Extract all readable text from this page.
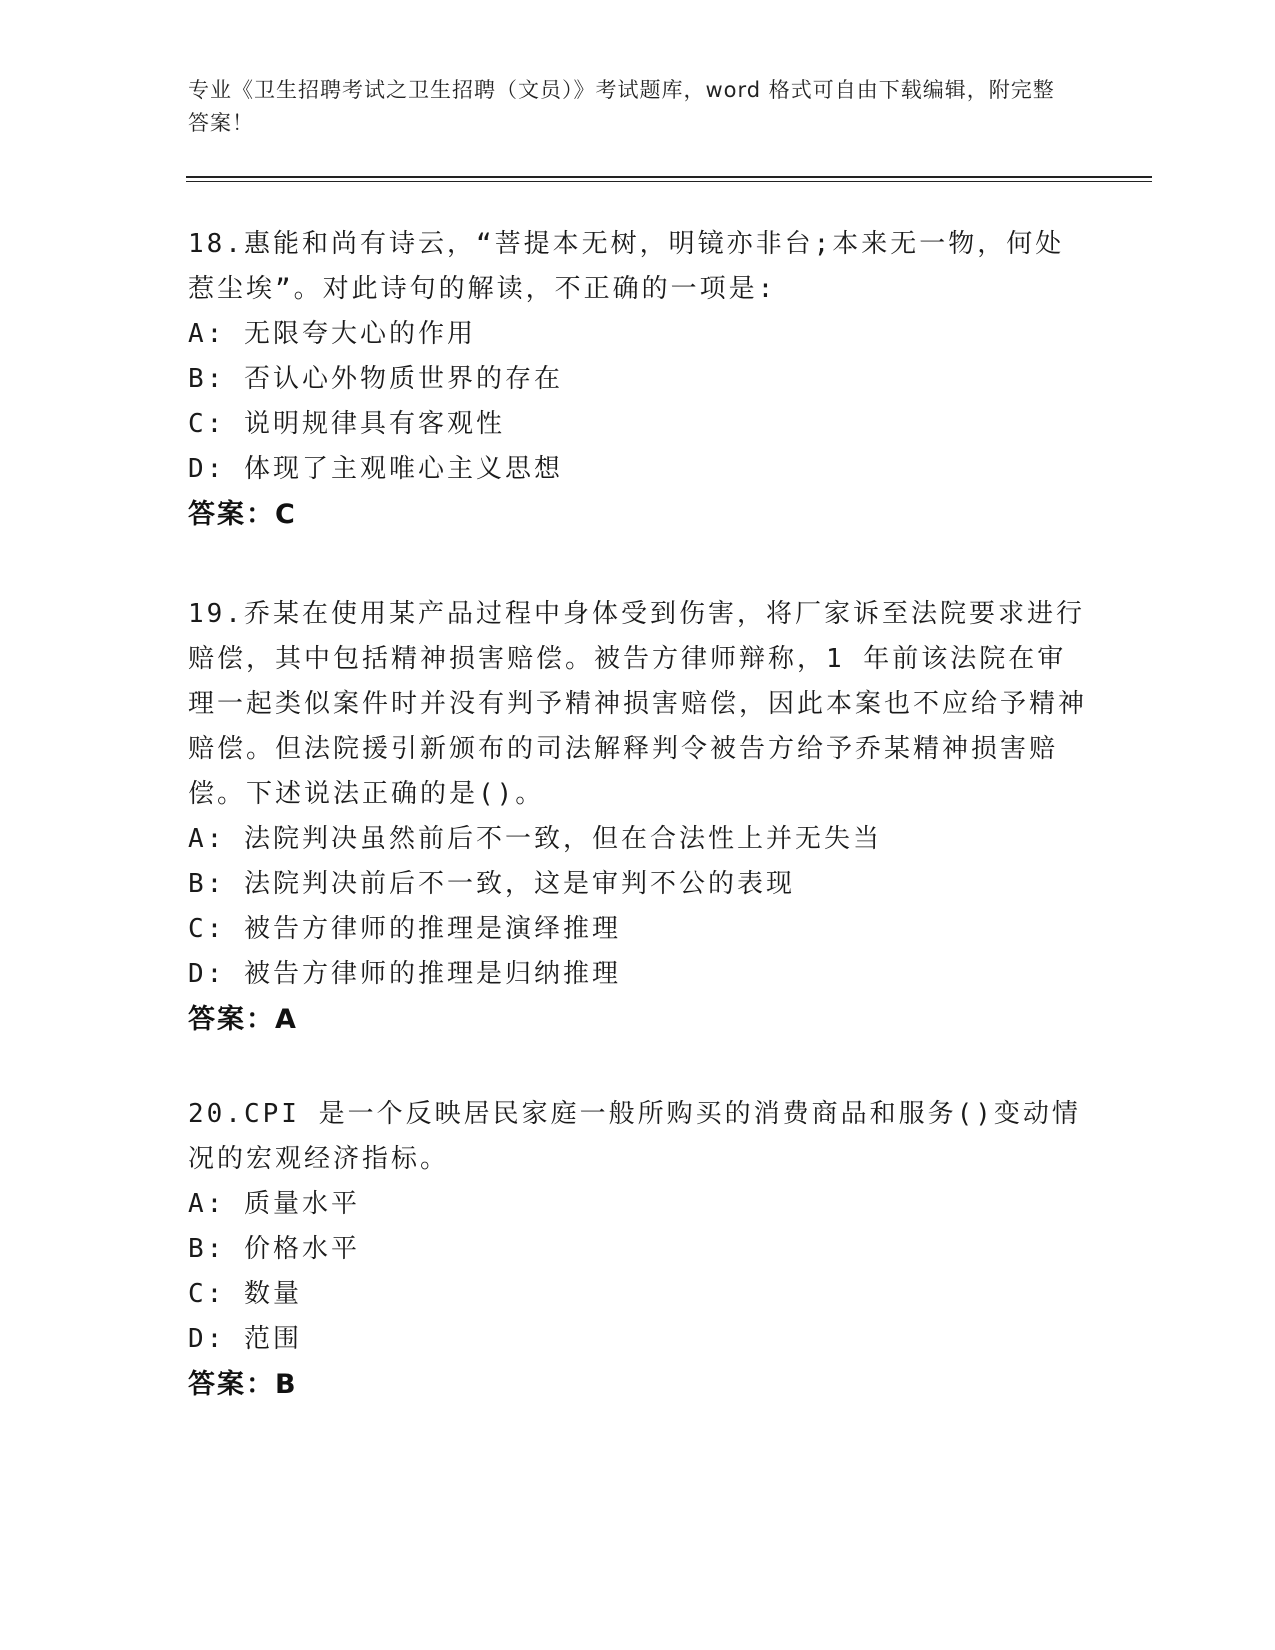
专业《卫生招聘考试之卫生招聘（文员）》考试题库，word 格式可自由下载编辑，附完整答案！
18.惠能和尚有诗云，“菩提本无树，明镜亦非台;本来无一物，何处惹尘埃”。对此诗句的解读，不正确的一项是:
A: 无限夸大心的作用
B: 否认心外物质世界的存在
C: 说明规律具有客观性
D: 体现了主观唯心主义思想
答案：C
19.乔某在使用某产品过程中身体受到伤害，将厂家诉至法院要求进行赔偿，其中包括精神损害赔偿。被告方律师辩称，1 年前该法院在审理一起类似案件时并没有判予精神损害赔偿，因此本案也不应给予精神赔偿。但法院援引新颁布的司法解释判令被告方给予乔某精神损害赔偿。下述说法正确的是()。
A: 法院判决虽然前后不一致，但在合法性上并无失当
B: 法院判决前后不一致，这是审判不公的表现
C: 被告方律师的推理是演绎推理
D: 被告方律师的推理是归纳推理
答案：A
20.CPI 是一个反映居民家庭一般所购买的消费商品和服务()变动情况的宏观经济指标。
A: 质量水平
B: 价格水平
C: 数量
D: 范围
答案：B
